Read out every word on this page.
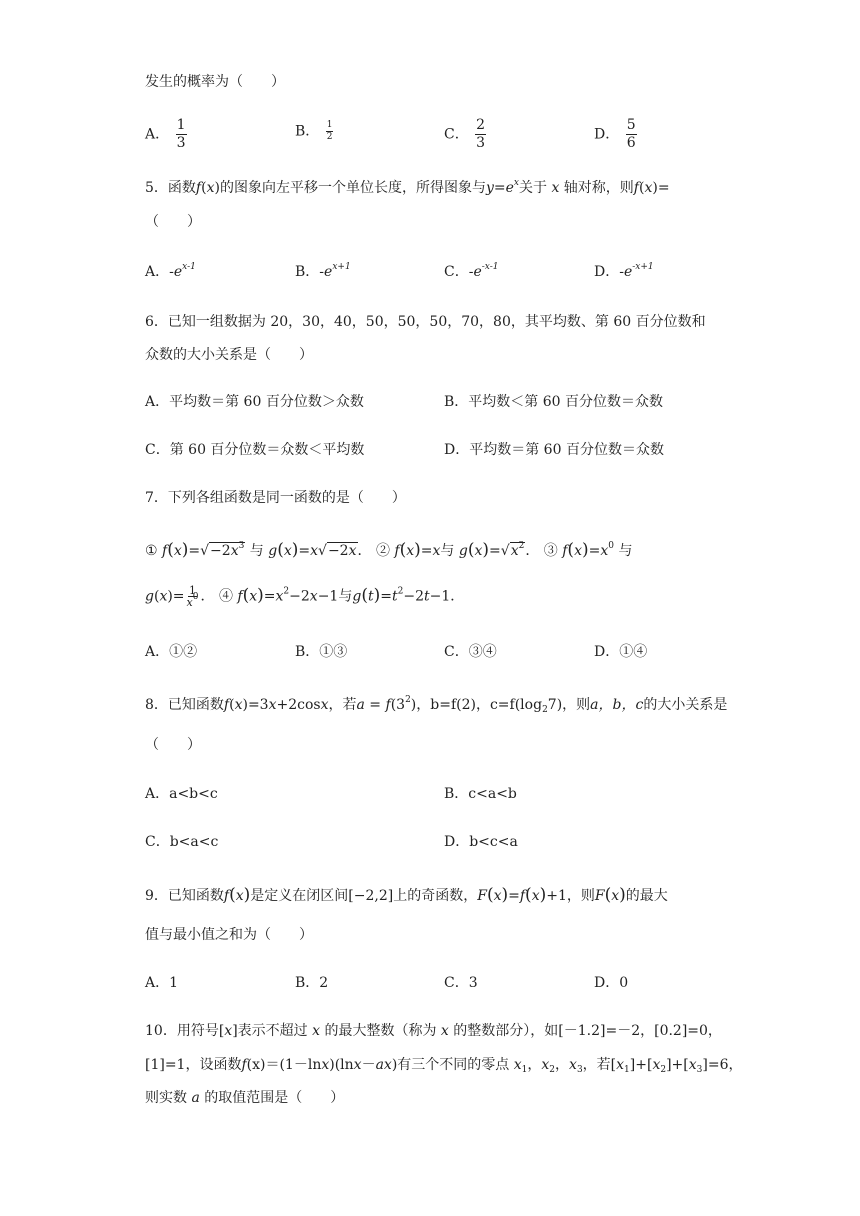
发生的概率为（　　）
A． $\frac{1}{3}$	B． $\frac{1}{2}$	C． $\frac{2}{3}$	D． $\frac{5}{6}$
5．函数f(x)的图象向左平移一个单位长度，所得图象与$y=e^x$关于 x 轴对称，则f(x)=
（　　）
A．$-e^{x-1}$	B．$-e^{x+1}$	C．$-e^{-x-1}$	D．$-e^{-x+1}$
6．已知一组数据为 20，30，40，50，50，50，70，80，其平均数、第 60 百分位数和
众数的大小关系是（　　）
A．平均数＝第 60 百分位数＞众数	B．平均数＜第 60 百分位数＝众数
C．第 60 百分位数＝众数＜平均数	D．平均数＝第 60 百分位数＝众数
7．下列各组函数是同一函数的是（　　）
① $f(x)=√-2x^3$ 与 g(x)=x√−2x． ② f(x)=x与 $g(x)=√x^2$． ③ $f(x)=x^0$ 与
$g(x)= \frac{1}{x^0}$ ． ④ $f(x)=x^2-2x-1$与$g(t)=t^2-2t-1$．
A．①②	B．①③	C．③④	D．①④
8．已知函数f(x)=3x+2cosx，若$a = f(3^2)$，b=f(2)，$c=f(\log_27)$，则a，b，c的大小关系是
（　　）
A．a<b<c	B．c<a<b
C．b<a<c	D．b<c<a
9．已知函数f(x)是定义在闭区间[−2,2]上的奇函数，F(x)=f(x)+1，则F(x)的最大
值与最小值之和为（　　）
A．1	B．2	C．3	D．0
10．用符号[x]表示不超过 x 的最大整数（称为 x 的整数部分），如[－1.2]=－2，[0.2]=0，
[1]=1，设函数f(x)＝(1－lnx)(lnx－ax)有三个不同的零点 $x_1$，$x_2$，$x_3$，若$[x_1]+[x_2]+[x_3]=6$，
则实数 a 的取值范围是（　　）
